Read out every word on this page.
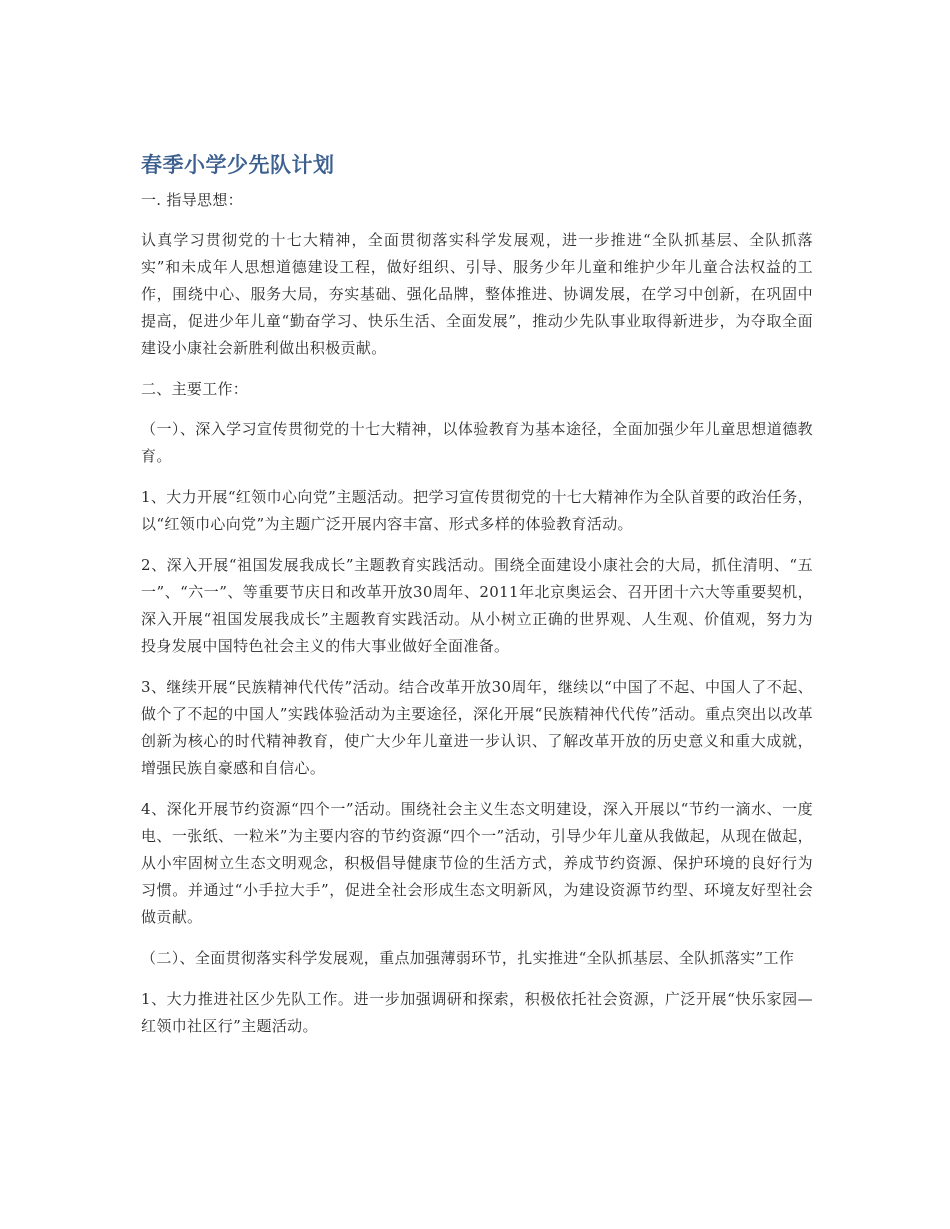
春季小学少先队计划

一. 指导思想：

认真学习贯彻党的十七大精神，全面贯彻落实科学发展观，进一步推进“全队抓基层、全队抓落实”和未成年人思想道德建设工程，做好组织、引导、服务少年儿童和维护少年儿童合法权益的工作，围绕中心、服务大局，夯实基础、强化品牌，整体推进、协调发展，在学习中创新，在巩固中提高，促进少年儿童“勤奋学习、快乐生活、全面发展”，推动少先队事业取得新进步，为夺取全面建设小康社会新胜利做出积极贡献。

二、主要工作：

（一）、深入学习宣传贯彻党的十七大精神，以体验教育为基本途径，全面加强少年儿童思想道德教育。

1、大力开展“红领巾心向党”主题活动。把学习宣传贯彻党的十七大精神作为全队首要的政治任务，以“红领巾心向党”为主题广泛开展内容丰富、形式多样的体验教育活动。

2、深入开展“祖国发展我成长”主题教育实践活动。围绕全面建设小康社会的大局，抓住清明、“五一”、“六一”、等重要节庆日和改革开放30周年、2011年北京奥运会、召开团十六大等重要契机，深入开展“祖国发展我成长”主题教育实践活动。从小树立正确的世界观、人生观、价值观，努力为投身发展中国特色社会主义的伟大事业做好全面准备。

3、继续开展“民族精神代代传”活动。结合改革开放30周年，继续以“中国了不起、中国人了不起、做个了不起的中国人”实践体验活动为主要途径，深化开展“民族精神代代传”活动。重点突出以改革创新为核心的时代精神教育，使广大少年儿童进一步认识、了解改革开放的历史意义和重大成就，增强民族自豪感和自信心。

4、深化开展节约资源“四个一”活动。围绕社会主义生态文明建设，深入开展以“节约一滴水、一度电、一张纸、一粒米”为主要内容的节约资源“四个一”活动，引导少年儿童从我做起，从现在做起，从小牢固树立生态文明观念，积极倡导健康节俭的生活方式，养成节约资源、保护环境的良好行为习惯。并通过“小手拉大手”，促进全社会形成生态文明新风，为建设资源节约型、环境友好型社会做贡献。

（二）、全面贯彻落实科学发展观，重点加强薄弱环节，扎实推进“全队抓基层、全队抓落实”工作

1、大力推进社区少先队工作。进一步加强调研和探索，积极依托社会资源，广泛开展“快乐家园—红领巾社区行”主题活动。
